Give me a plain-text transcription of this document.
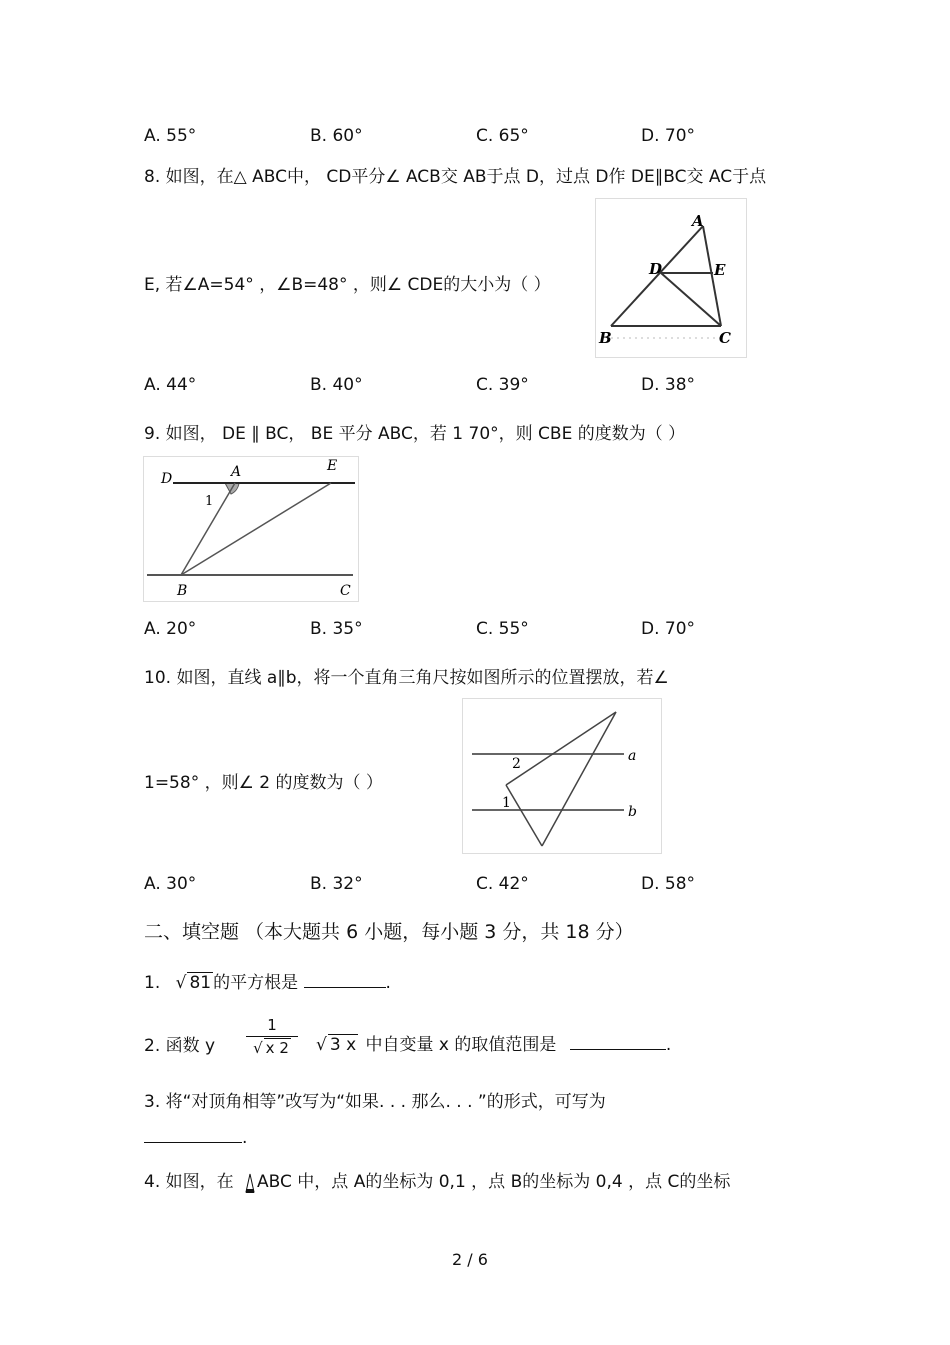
A. 55°	B. 60°	C. 65°	D. 70°
8. 如图，在△ ABC中， CD平分∠ ACB交 AB于点 D，过点 D作 DE∥BC交 AC于点
E, 若∠A=54° ，∠B=48° ，则∠ CDE的大小为（ ）
A
D	E
B	C
A. 44°	B. 40°	C. 39°	D. 38°
9. 如图， DE ∥ BC， BE 平分 ABC，若 1 70°，则 CBE 的度数为（ ）
D	A	E
1
B	C
A. 20°	B. 35°	C. 55°	D. 70°
10. 如图，直线 a∥b，将一个直角三角尺按如图所示的位置摆放，若∠
1=58° ，则∠ 2 的度数为（ ）
a
b
2
1
A. 30°	B. 32°	C. 42°	D. 58°
二、填空题 （本大题共 6 小题，每小题 3 分，共 18 分）
1. √ 81 的平方根是	.
2. 函数 y $\frac{1}{√ x 2}$ √ 3 x 中自变量 x 的取值范围是	.
3. 将“对顶角相等”改写为“如果. . . 那么. . . ”的形式，可写为
.
4. 如图，在 ABC 中，点 A的坐标为 0,1 ，点 B的坐标为 0,4 ，点 C的坐标
2 / 6
